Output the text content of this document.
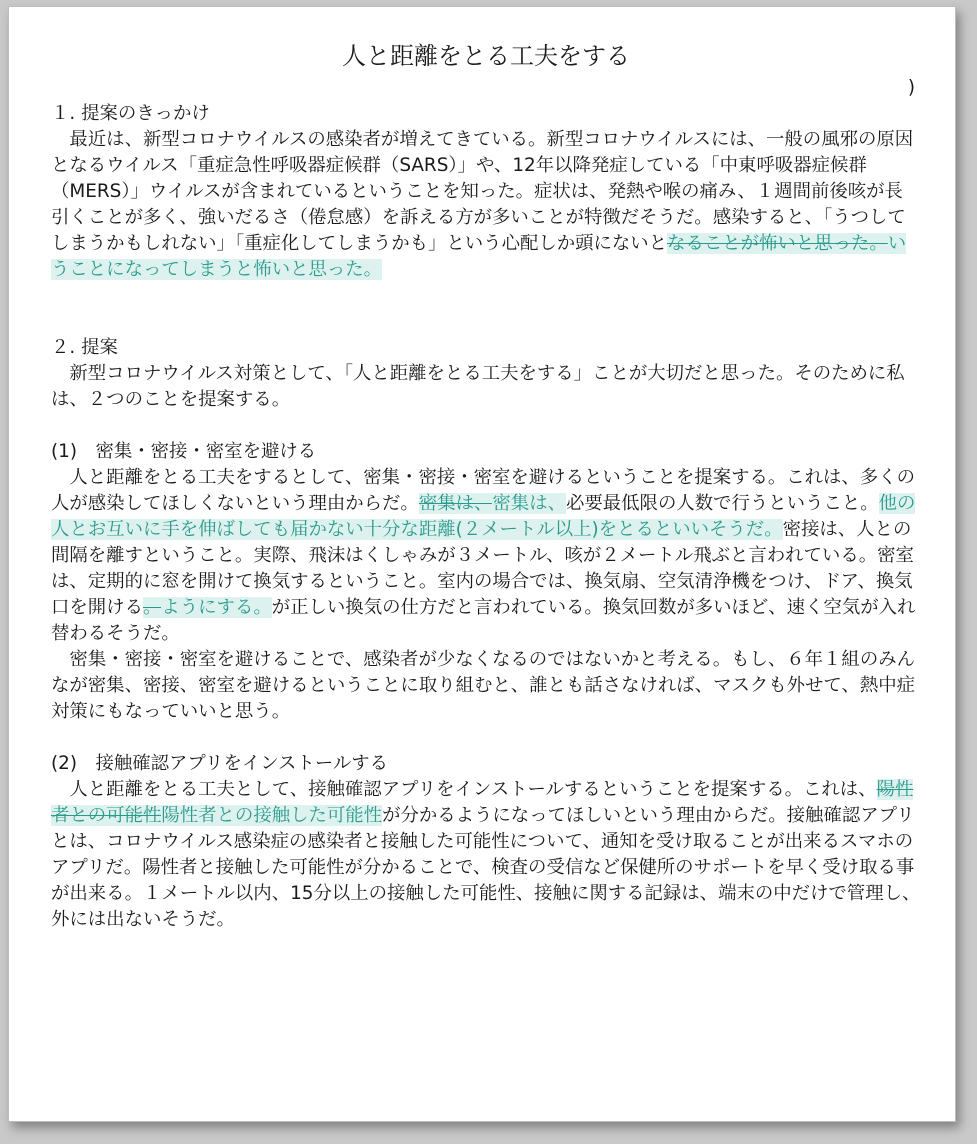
人と距離をとる工夫をする
)

１. 提案のきっかけ

最近は、新型コロナウイルスの感染者が増えてきている。新型コロナウイルスには、一般の風邪の原因となるウイルス「重症急性呼吸器症候群（SARS）」や、12年以降発症している「中東呼吸器症候群（MERS）」ウイルスが含まれているということを知った。症状は、発熱や喉の痛み、１週間前後咳が長引くことが多く、強いだるさ（倦怠感）を訴える方が多いことが特徴だそうだ。感染すると、「うつしてしまうかもしれない」「重症化してしまうかも」という心配しか頭にないとなることが怖いと思った。いうことになってしまうと怖いと思った。

２. 提案

新型コロナウイルス対策として、「人と距離をとる工夫をする」ことが大切だと思った。そのために私は、２つのことを提案する。

(1)　密集・密接・密室を避ける

人と距離をとる工夫をするとして、密集・密接・密室を避けるということを提案する。これは、多くの人が感染してほしくないという理由からだ。密集は、密集は、必要最低限の人数で行うということ。他の人とお互いに手を伸ばしても届かない十分な距離(２メートル以上)をとるといいそうだ。密接は、人との間隔を離すということ。実際、飛沫はくしゃみが３メートル、咳が２メートル飛ぶと言われている。密室は、定期的に窓を開けて換気するということ。室内の場合では、換気扇、空気清浄機をつけ、ドア、換気口を開ける。ようにする。が正しい換気の仕方だと言われている。換気回数が多いほど、速く空気が入れ替わるそうだ。

密集・密接・密室を避けることで、感染者が少なくなるのではないかと考える。もし、６年１組のみんなが密集、密接、密室を避けるということに取り組むと、誰とも話さなければ、マスクも外せて、熱中症対策にもなっていいと思う。

(2)　接触確認アプリをインストールする

人と距離をとる工夫として、接触確認アプリをインストールするということを提案する。これは、陽性者との可能性陽性者との接触した可能性が分かるようになってほしいという理由からだ。接触確認アプリとは、コロナウイルス感染症の感染者と接触した可能性について、通知を受け取ることが出来るスマホのアプリだ。陽性者と接触した可能性が分かることで、検査の受信など保健所のサポートを早く受け取る事が出来る。１メートル以内、15分以上の接触した可能性、接触に関する記録は、端末の中だけで管理し、外には出ないそうだ。
